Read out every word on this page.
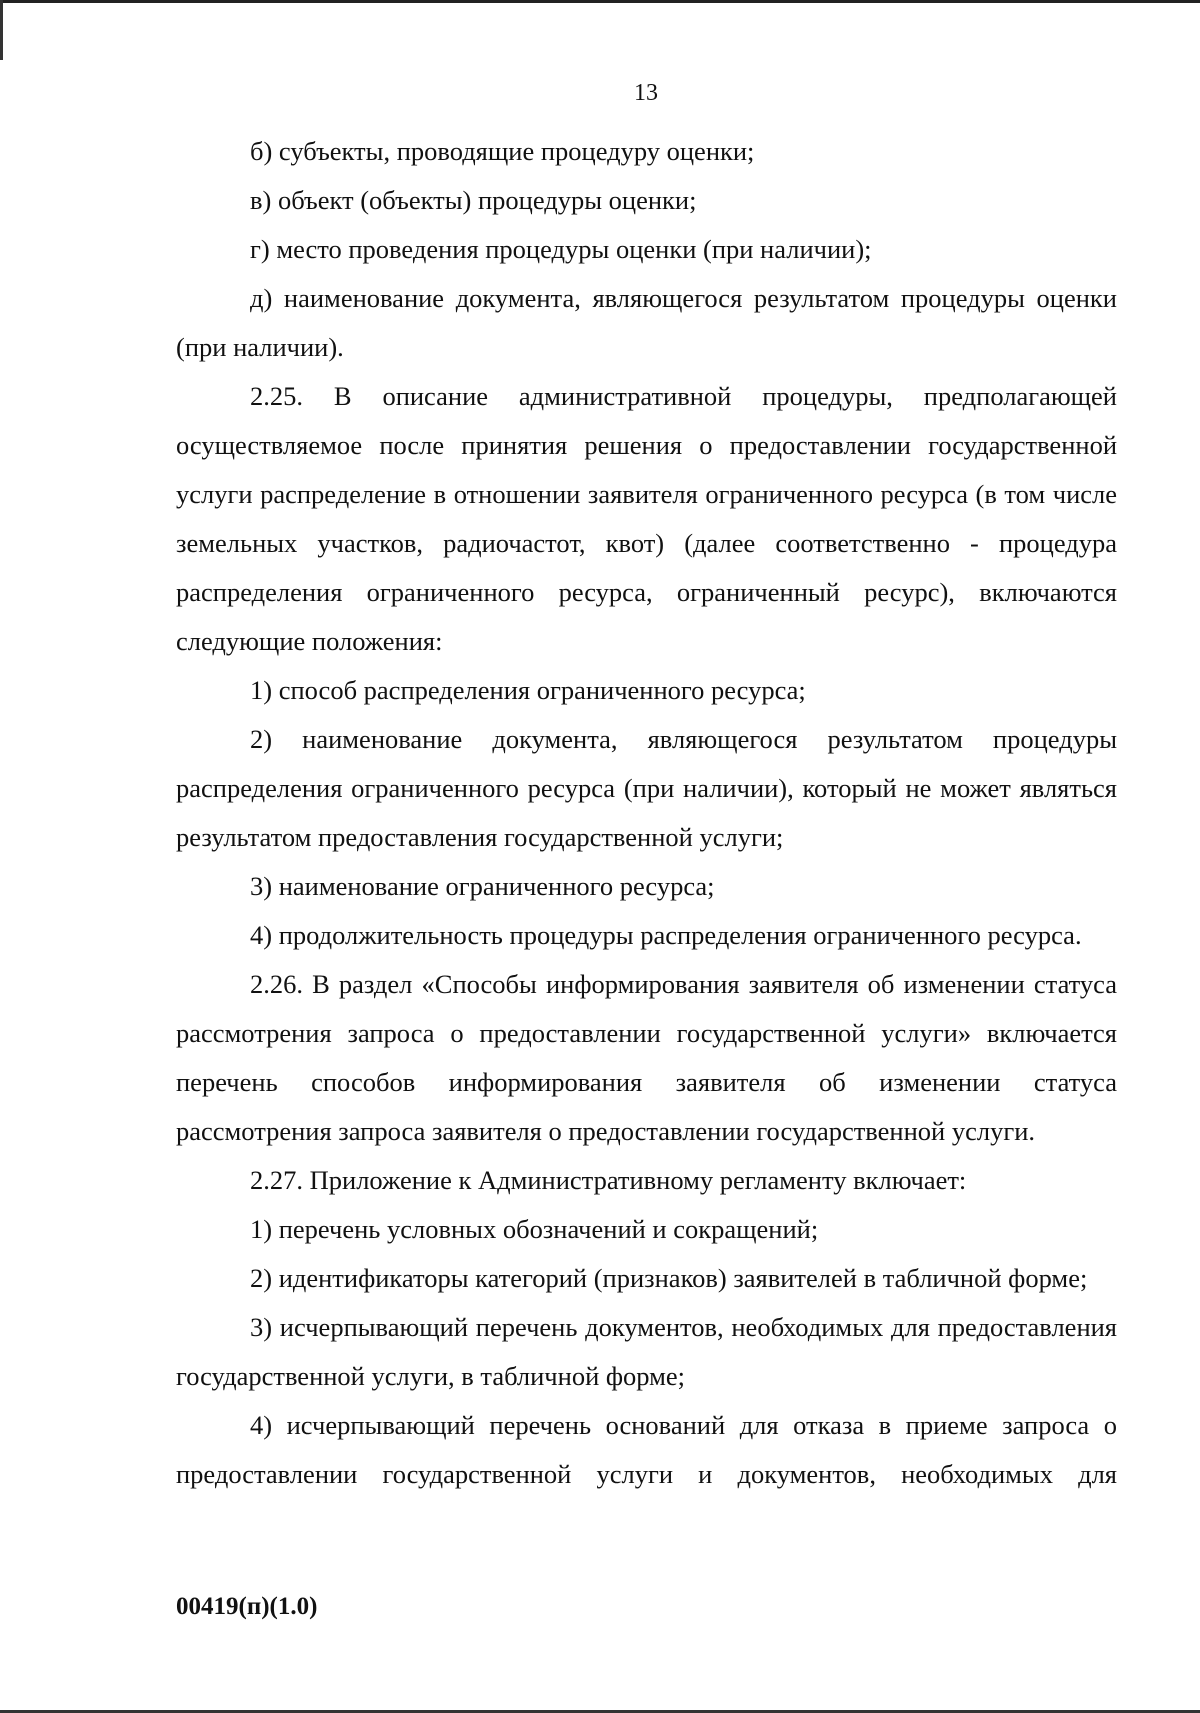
13

б) субъекты, проводящие процедуру оценки;

в) объект (объекты) процедуры оценки;

г) место проведения процедуры оценки (при наличии);

д) наименование документа, являющегося результатом процедуры оценки (при наличии).

2.25. В описание административной процедуры, предполагающей осуществляемое после принятия решения о предоставлении государственной услуги распределение в отношении заявителя ограниченного ресурса (в том числе земельных участков, радиочастот, квот) (далее соответственно - процедура распределения ограниченного ресурса, ограниченный ресурс), включаются следующие положения:

1) способ распределения ограниченного ресурса;

2) наименование документа, являющегося результатом процедуры распределения ограниченного ресурса (при наличии), который не может являться результатом предоставления государственной услуги;

3) наименование ограниченного ресурса;

4) продолжительность процедуры распределения ограниченного ресурса.

2.26. В раздел «Способы информирования заявителя об изменении статуса рассмотрения запроса о предоставлении государственной услуги» включается перечень способов информирования заявителя об изменении статуса рассмотрения запроса заявителя о предоставлении государственной услуги.

2.27. Приложение к Административному регламенту включает:

1) перечень условных обозначений и сокращений;

2) идентификаторы категорий (признаков) заявителей в табличной форме;

3) исчерпывающий перечень документов, необходимых для предоставления государственной услуги, в табличной форме;

4) исчерпывающий перечень оснований для отказа в приеме запроса о предоставлении государственной услуги и документов, необходимых для

00419(п)(1.0)
